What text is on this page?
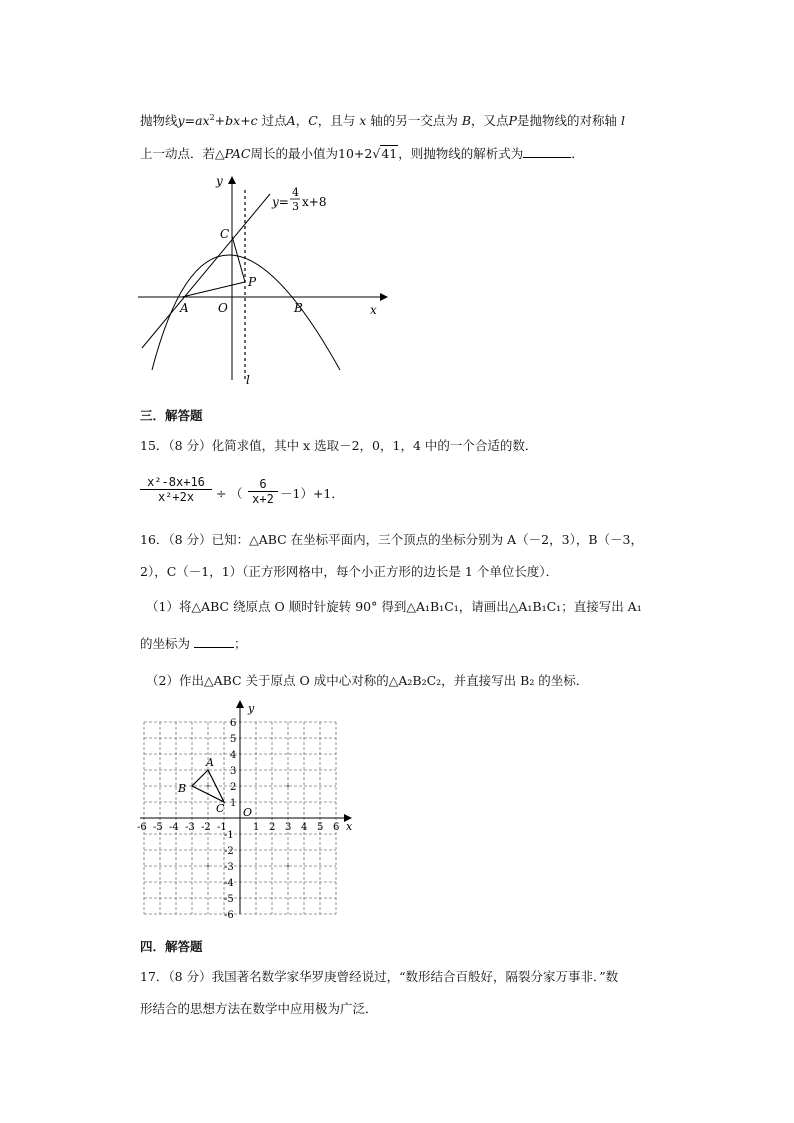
抛物线$y=ax^2+bx+c$ 过点A，C，且与 x 轴的另一交点为 B，又点P是抛物线的对称轴 l
上一动点．若△PAC周长的最小值为10+2√41，则抛物线的解析式为	．
y
x
y=
4
3 x+8
C
P
A O	B
l
三．解答题
15．（8 分）化简求值，其中 x 选取－2，0，1，4 中的一个合适的数．
x²-8x+16
x²+2x	÷ （
6
x+2 －1）+1．
16．（8 分）已知：△ABC 在坐标平面内，三个顶点的坐标分别为 A（－2，3），B（－3，
2），C（－1，1）（正方形网格中，每个小正方形的边长是 1 个单位长度）．
（1）将△ABC 绕原点 O 顺时针旋转 90° 得到△A₁B₁C₁，请画出△A₁B₁C₁；直接写出 A₁
的坐标为	；
（2）作出△ABC 关于原点 O 成中心对称的△A₂B₂C₂，并直接写出 B₂ 的坐标．
y
x
O
A
B
C
-6 -5 -4 -3 -2 -1	1 2 3 4 5 6
6
5
4
3
2
1
-1
-2
-3
-4
-5
-6
四．解答题
17．（8 分）我国著名数学家华罗庚曾经说过，“数形结合百般好，隔裂分家万事非．”数
形结合的思想方法在数学中应用极为广泛．
